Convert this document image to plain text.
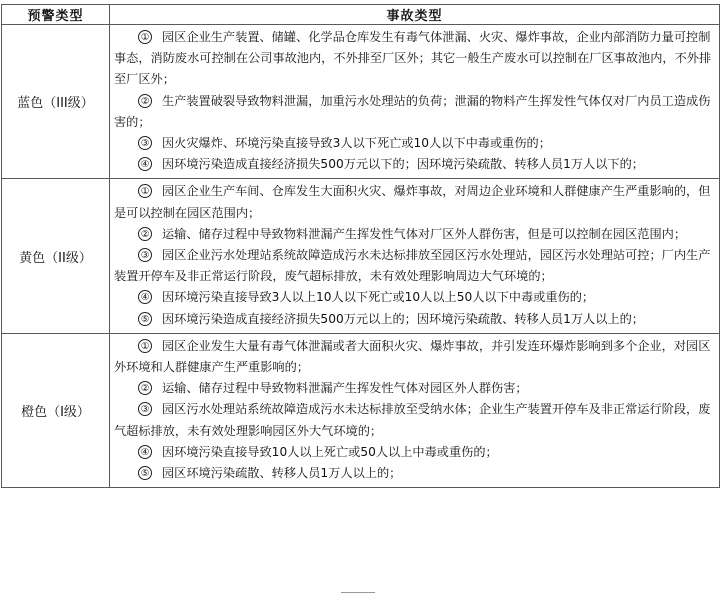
预警类型	事故类型
蓝色（III级）	① 园区企业生产装置、储罐、化学品仓库发生有毒气体泄漏、火灾、爆炸事故，企业内部消防力量可控制事态，消防废水可控制在公司事故池内，不外排至厂区外；其它一般生产废水可以控制在厂区事故池内，不外排至厂区外；

② 生产装置破裂导致物料泄漏，加重污水处理站的负荷；泄漏的物料产生挥发性气体仅对厂内员工造成伤害的；

③ 因火灾爆炸、环境污染直接导致3人以下死亡或10人以下中毒或重伤的；

④ 因环境污染造成直接经济损失500万元以下的；因环境污染疏散、转移人员1万人以下的；

黄色（II级）	① 园区企业生产车间、仓库发生大面积火灾、爆炸事故，对周边企业环境和人群健康产生严重影响的，但是可以控制在园区范围内；

② 运输、储存过程中导致物料泄漏产生挥发性气体对厂区外人群伤害，但是可以控制在园区范围内；

③ 园区企业污水处理站系统故障造成污水未达标排放至园区污水处理站，园区污水处理站可控；厂内生产装置开停车及非正常运行阶段，废气超标排放，未有效处理影响周边大气环境的；

④ 因环境污染直接导致3人以上10人以下死亡或10人以上50人以下中毒或重伤的；

⑤ 因环境污染造成直接经济损失500万元以上的；因环境污染疏散、转移人员1万人以上的；

橙色（I级）	① 园区企业发生大量有毒气体泄漏或者大面积火灾、爆炸事故，并引发连环爆炸影响到多个企业，对园区外环境和人群健康产生严重影响的；

② 运输、储存过程中导致物料泄漏产生挥发性气体对园区外人群伤害；

③ 园区污水处理站系统故障造成污水未达标排放至受纳水体；企业生产装置开停车及非正常运行阶段，废气超标排放，未有效处理影响园区外大气环境的；

④ 因环境污染直接导致10人以上死亡或50人以上中毒或重伤的；

⑤ 园区环境污染疏散、转移人员1万人以上的；
